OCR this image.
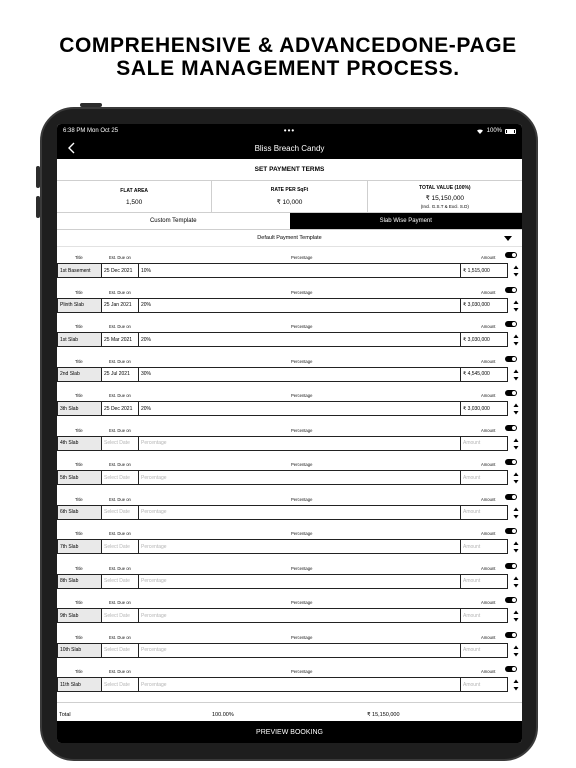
COMPREHENSIVE & ADVANCEDONE-PAGE
SALE MANAGEMENT PROCESS.
6:38 PM Mon Oct 25	•••	100%
Bliss Breach Candy
SET PAYMENT TERMS
FLAT AREA
1,500
RATE PER SqFt
₹ 10,000
TOTAL VALUE (100%)
₹ 15,150,000
(Incl. G.S.T & Excl. S.D)
Custom Template	Slab Wise Payment
Default Payment Template
Title	Est. Due on	Percentage	Amount
1st Basement	25 Dec 2021	10%	₹ 1,515,000
Title	Est. Due on	Percentage	Amount
Plinth Slab	25 Jan 2021	20%	₹ 3,030,000
Title	Est. Due on	Percentage	Amount
1st Slab	25 Mar 2021	20%	₹ 3,030,000
Title	Est. Due on	Percentage	Amount
2nd Slab	25 Jul 2021	30%	₹ 4,545,000
Title	Est. Due on	Percentage	Amount
3th Slab	25 Dec 2021	20%	₹ 3,030,000
Title	Est. Due on	Percentage	Amount
4th Slab	Select Date	Percentage	Amount
Title	Est. Due on	Percentage	Amount
5th Slab	Select Date	Percentage	Amount
Title	Est. Due on	Percentage	Amount
6th Slab	Select Date	Percentage	Amount
Title	Est. Due on	Percentage	Amount
7th Slab	Select Date	Percentage	Amount
Title	Est. Due on	Percentage	Amount
8th Slab	Select Date	Percentage	Amount
Title	Est. Due on	Percentage	Amount
9th Slab	Select Date	Percentage	Amount
Title	Est. Due on	Percentage	Amount
10th Slab	Select Date	Percentage	Amount
Title	Est. Due on	Percentage	Amount
11th Slab	Select Date	Percentage	Amount
Total	100.00%	₹ 15,150,000
PREVIEW BOOKING
